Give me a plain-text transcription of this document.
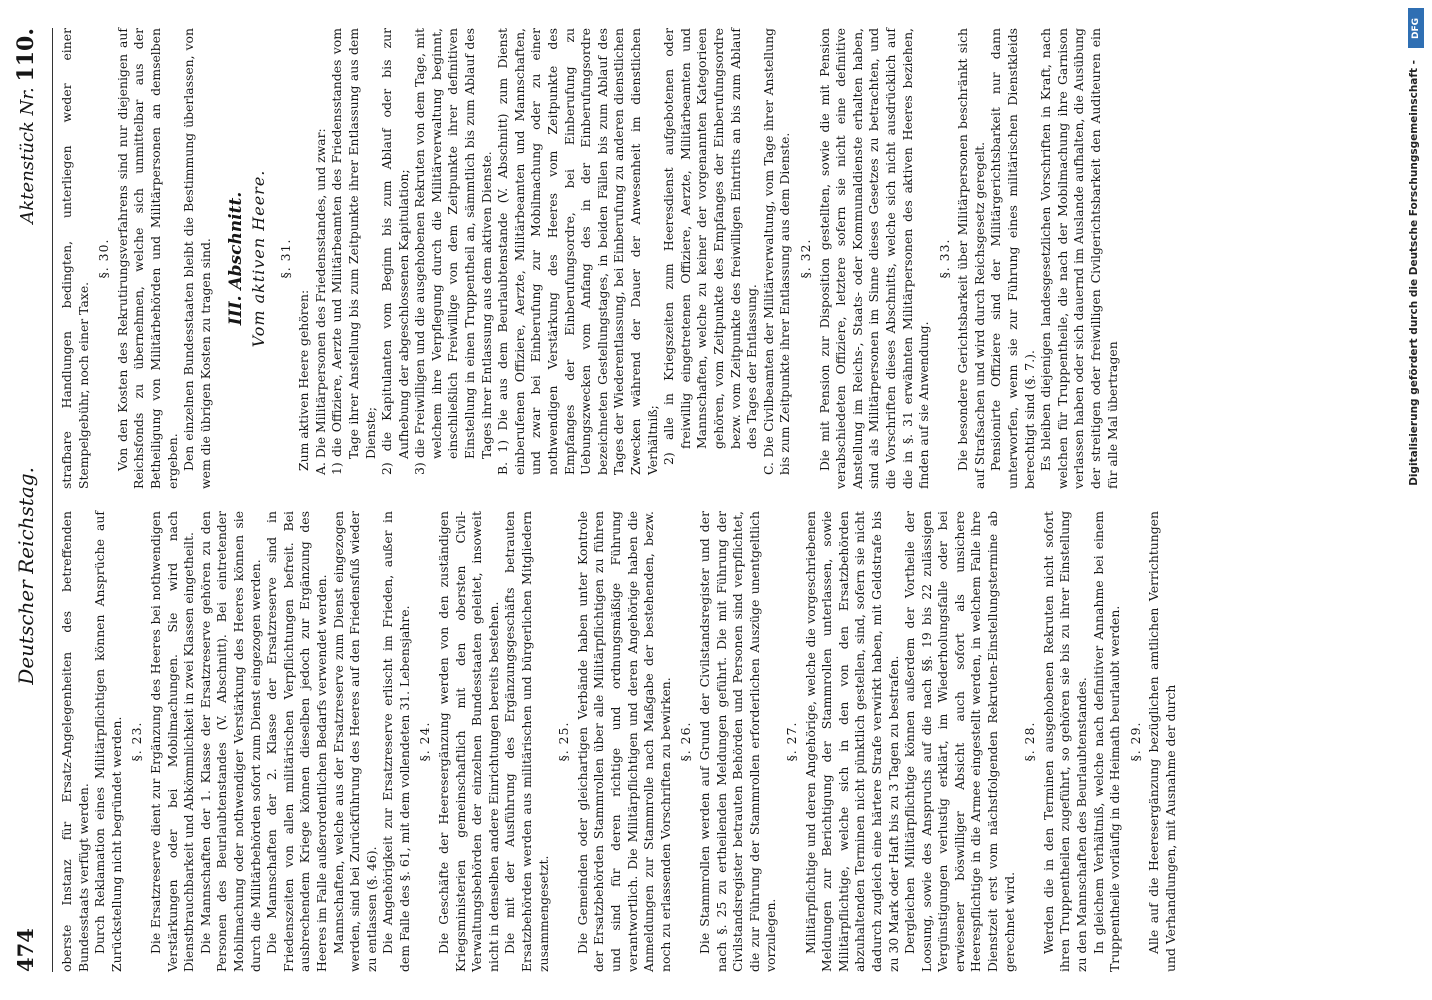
474
Deutscher Reichstag.
Aktenstück Nr. 110.

oberste Instanz für Ersatz-Angelegenheiten des betreffenden Bundesstaats verfügt werden. Durch Reklamation eines Militärpflichtigen können Ansprüche auf Zurückstellung nicht begründet werden. §. 23. Die Ersatzreserve dient zur Ergänzung des Heeres bei nothwendigen Verstärkungen oder bei Mobilmachungen. Sie wird nach Dienstbrauchbarkeit und Abkömmlichkeit in zwei Klassen eingetheilt. Die Mannschaften der 1. Klasse der Ersatzreserve gehören zu den Personen des Beurlaubtenstandes (V. Abschnitt). Bei eintretender Mobilmachung oder nothwendiger Verstärkung des Heeres können sie durch die Militärbehörden sofort zum Dienst eingezogen werden. Die Mannschaften der 2. Klasse der Ersatzreserve sind in Friedenszeiten von allen militärischen Verpflichtungen befreit. Bei ausbrechendem Kriege können dieselben jedoch zur Ergänzung des Heeres im Falle außerordentlichen Bedarfs verwendet werden. Mannschaften, welche aus der Ersatzreserve zum Dienst eingezogen werden, sind bei Zurückführung des Heeres auf den Friedensfuß wieder zu entlassen (§. 46). Die Angehörigkeit zur Ersatzreserve erlischt im Frieden, außer in dem Falle des §. 61, mit dem vollendeten 31. Lebensjahre. §. 24. Die Geschäfte der Heeresergänzung werden von den zuständigen Kriegsministerien gemeinschaftlich mit den obersten Civil-Verwaltungsbehörden der einzelnen Bundesstaaten geleitet, insoweit nicht in denselben andere Einrichtungen bereits bestehen. Die mit der Ausführung des Ergänzungsgeschäfts betrauten Ersatzbehörden werden aus militärischen und bürgerlichen Mitgliedern zusammengesetzt.

§. 25. Die Gemeinden oder gleichartigen Verbände haben unter Kontrole der Ersatzbehörden Stammrollen über alle Militärpflichtigen zu führen und sind für deren richtige und ordnungsmäßige Führung verantwortlich. Die Militärpflichtigen und deren Angehörige haben die Anmeldungen zur Stammrolle nach Maßgabe der bestehenden, bezw. noch zu erlassenden Vorschriften zu bewirken. §. 26. Die Stammrollen werden auf Grund der Civilstandsregister und der nach §. 25 zu ertheilenden Meldungen geführt. Die mit Führung der Civilstandsregister betrauten Behörden und Personen sind verpflichtet, die zur Führung der Stammrollen erforderlichen Auszüge unentgeltlich vorzulegen.

§. 27. Militärpflichtige und deren Angehörige, welche die vorgeschriebenen Meldungen zur Berichtigung der Stammrollen unterlassen, sowie Militärpflichtige, welche sich in den von den Ersatzbehörden abzuhaltenden Terminen nicht pünktlich gestellen, sind, sofern sie nicht dadurch zugleich eine härtere Strafe verwirkt haben, mit Geldstrafe bis zu 30 Mark oder Haft bis zu 3 Tagen zu bestrafen. Dergleichen Militärpflichtige können außerdem der Vortheile der Loosung, sowie des Anspruchs auf die nach §§. 19 bis 22 zulässigen Vergünstigungen verlustig erklärt, im Wiederholungsfalle oder bei erwiesener böswilliger Absicht auch sofort als unsichere Heerespflichtige in die Armee eingestellt werden, in welchem Falle ihre Dienstzeit erst vom nächstfolgenden Rekruten-Einstellungstermine ab gerechnet wird.

§. 28. Werden die in den Terminen ausgehobenen Rekruten nicht sofort ihren Truppentheilen zugeführt, so gehören sie bis zu ihrer Einstellung zu den Mannschaften des Beurlaubtenstandes. In gleichem Verhältniß, welche nach definitiver Annahme bei einem Truppentheile vorläufig in die Heimath beurlaubt werden. §. 29. Alle auf die Heeresergänzung bezüglichen amtlichen Verrichtungen und Verhandlungen, mit Ausnahme der durch

strafbare Handlungen bedingten, unterliegen weder einer Stempelgebühr, noch einer Taxe.

§. 30. Von den Kosten des Rekrutirungsverfahrens sind nur diejenigen auf Reichsfonds zu übernehmen, welche sich unmittelbar aus der Betheiligung von Militärbehörden und Militärpersonen an demselben ergeben. Den einzelnen Bundesstaaten bleibt die Bestimmung überlassen, von wem die übrigen Kosten zu tragen sind. III. Abschnitt. Vom aktiven Heere. §. 31.

Zum aktiven Heere gehören: A. Die Militärpersonen des Friedensstandes, und zwar: 1) die Offiziere, Aerzte und Militärbeamten des Friedensstandes vom Tage ihrer Anstellung bis zum Zeitpunkte ihrer Entlassung aus dem Dienste; 2) die Kapitulanten vom Beginn bis zum Ablauf oder bis zur Aufhebung der abgeschlossenen Kapitulation; 3) die Freiwilligen und die ausgehobenen Rekruten von dem Tage, mit welchem ihre Verpflegung durch die Militärverwaltung beginnt, einschließlich Freiwillige von dem Zeitpunkte ihrer definitiven Einstellung in einen Truppentheil an, sämmtlich bis zum Ablauf des Tages ihrer Entlassung aus dem aktiven Dienste. B. 1) Die aus dem Beurlaubtenstande (V. Abschnitt) zum Dienst einberufenen Offiziere, Aerzte, Militärbeamten und Mannschaften, und zwar bei Einberufung zur Mobilmachung oder zu einer nothwendigen Verstärkung des Heeres vom Zeitpunkte des Empfanges der Einberufungsordre, bei Einberufung zu Uebungszwecken vom Anfang des in der Einberufungsordre bezeichneten Gestellungstages, in beiden Fällen bis zum Ablauf des Tages der Wiederentlassung, bei Einberufung zu anderen dienstlichen Zwecken während der Dauer der Anwesenheit im dienstlichen Verhältniß; 2) alle in Kriegszeiten zum Heeresdienst aufgebotenen oder freiwillig eingetretenen Offiziere, Aerzte, Militärbeamten und Mannschaften, welche zu keiner der vorgenannten Kategorieen gehören, vom Zeitpunkte des Empfanges der Einberufungsordre bezw. vom Zeitpunkte des freiwilligen Eintritts an bis zum Ablauf des Tages der Entlassung. C. Die Civilbeamten der Militärverwaltung, vom Tage ihrer Anstellung bis zum Zeitpunkte ihrer Entlassung aus dem Dienste. §. 32. Die mit Pension zur Disposition gestellten, sowie die mit Pension verabschiedeten Offiziere, letztere sofern sie nicht eine definitive Anstellung im Reichs-, Staats- oder Kommunaldienste erhalten haben, sind als Militärpersonen im Sinne dieses Gesetzes zu betrachten, und die Vorschriften dieses Abschnitts, welche sich nicht ausdrücklich auf die in §. 31 erwähnten Militärpersonen des aktiven Heeres beziehen, finden auf sie Anwendung.

§. 33. Die besondere Gerichtsbarkeit über Militärpersonen beschränkt sich auf Strafsachen und wird durch Reichsgesetz geregelt. Pensionirte Offiziere sind der Militärgerichtsbarkeit nur dann unterworfen, wenn sie zur Führung eines militärischen Dienstkleids berechtigt sind (§. 7.). Es bleiben diejenigen landesgesetzlichen Vorschriften in Kraft, nach welchen für Truppentheile, die nach der Mobilmachung ihre Garnison verlassen haben oder sich dauernd im Auslande aufhalten, die Ausübung der streitigen oder freiwilligen Civilgerichtsbarkeit den Auditeuren ein für alle Mal übertragen

DFG
Digitalisierung gefördert durch die Deutsche Forschungsgemeinschaft -
